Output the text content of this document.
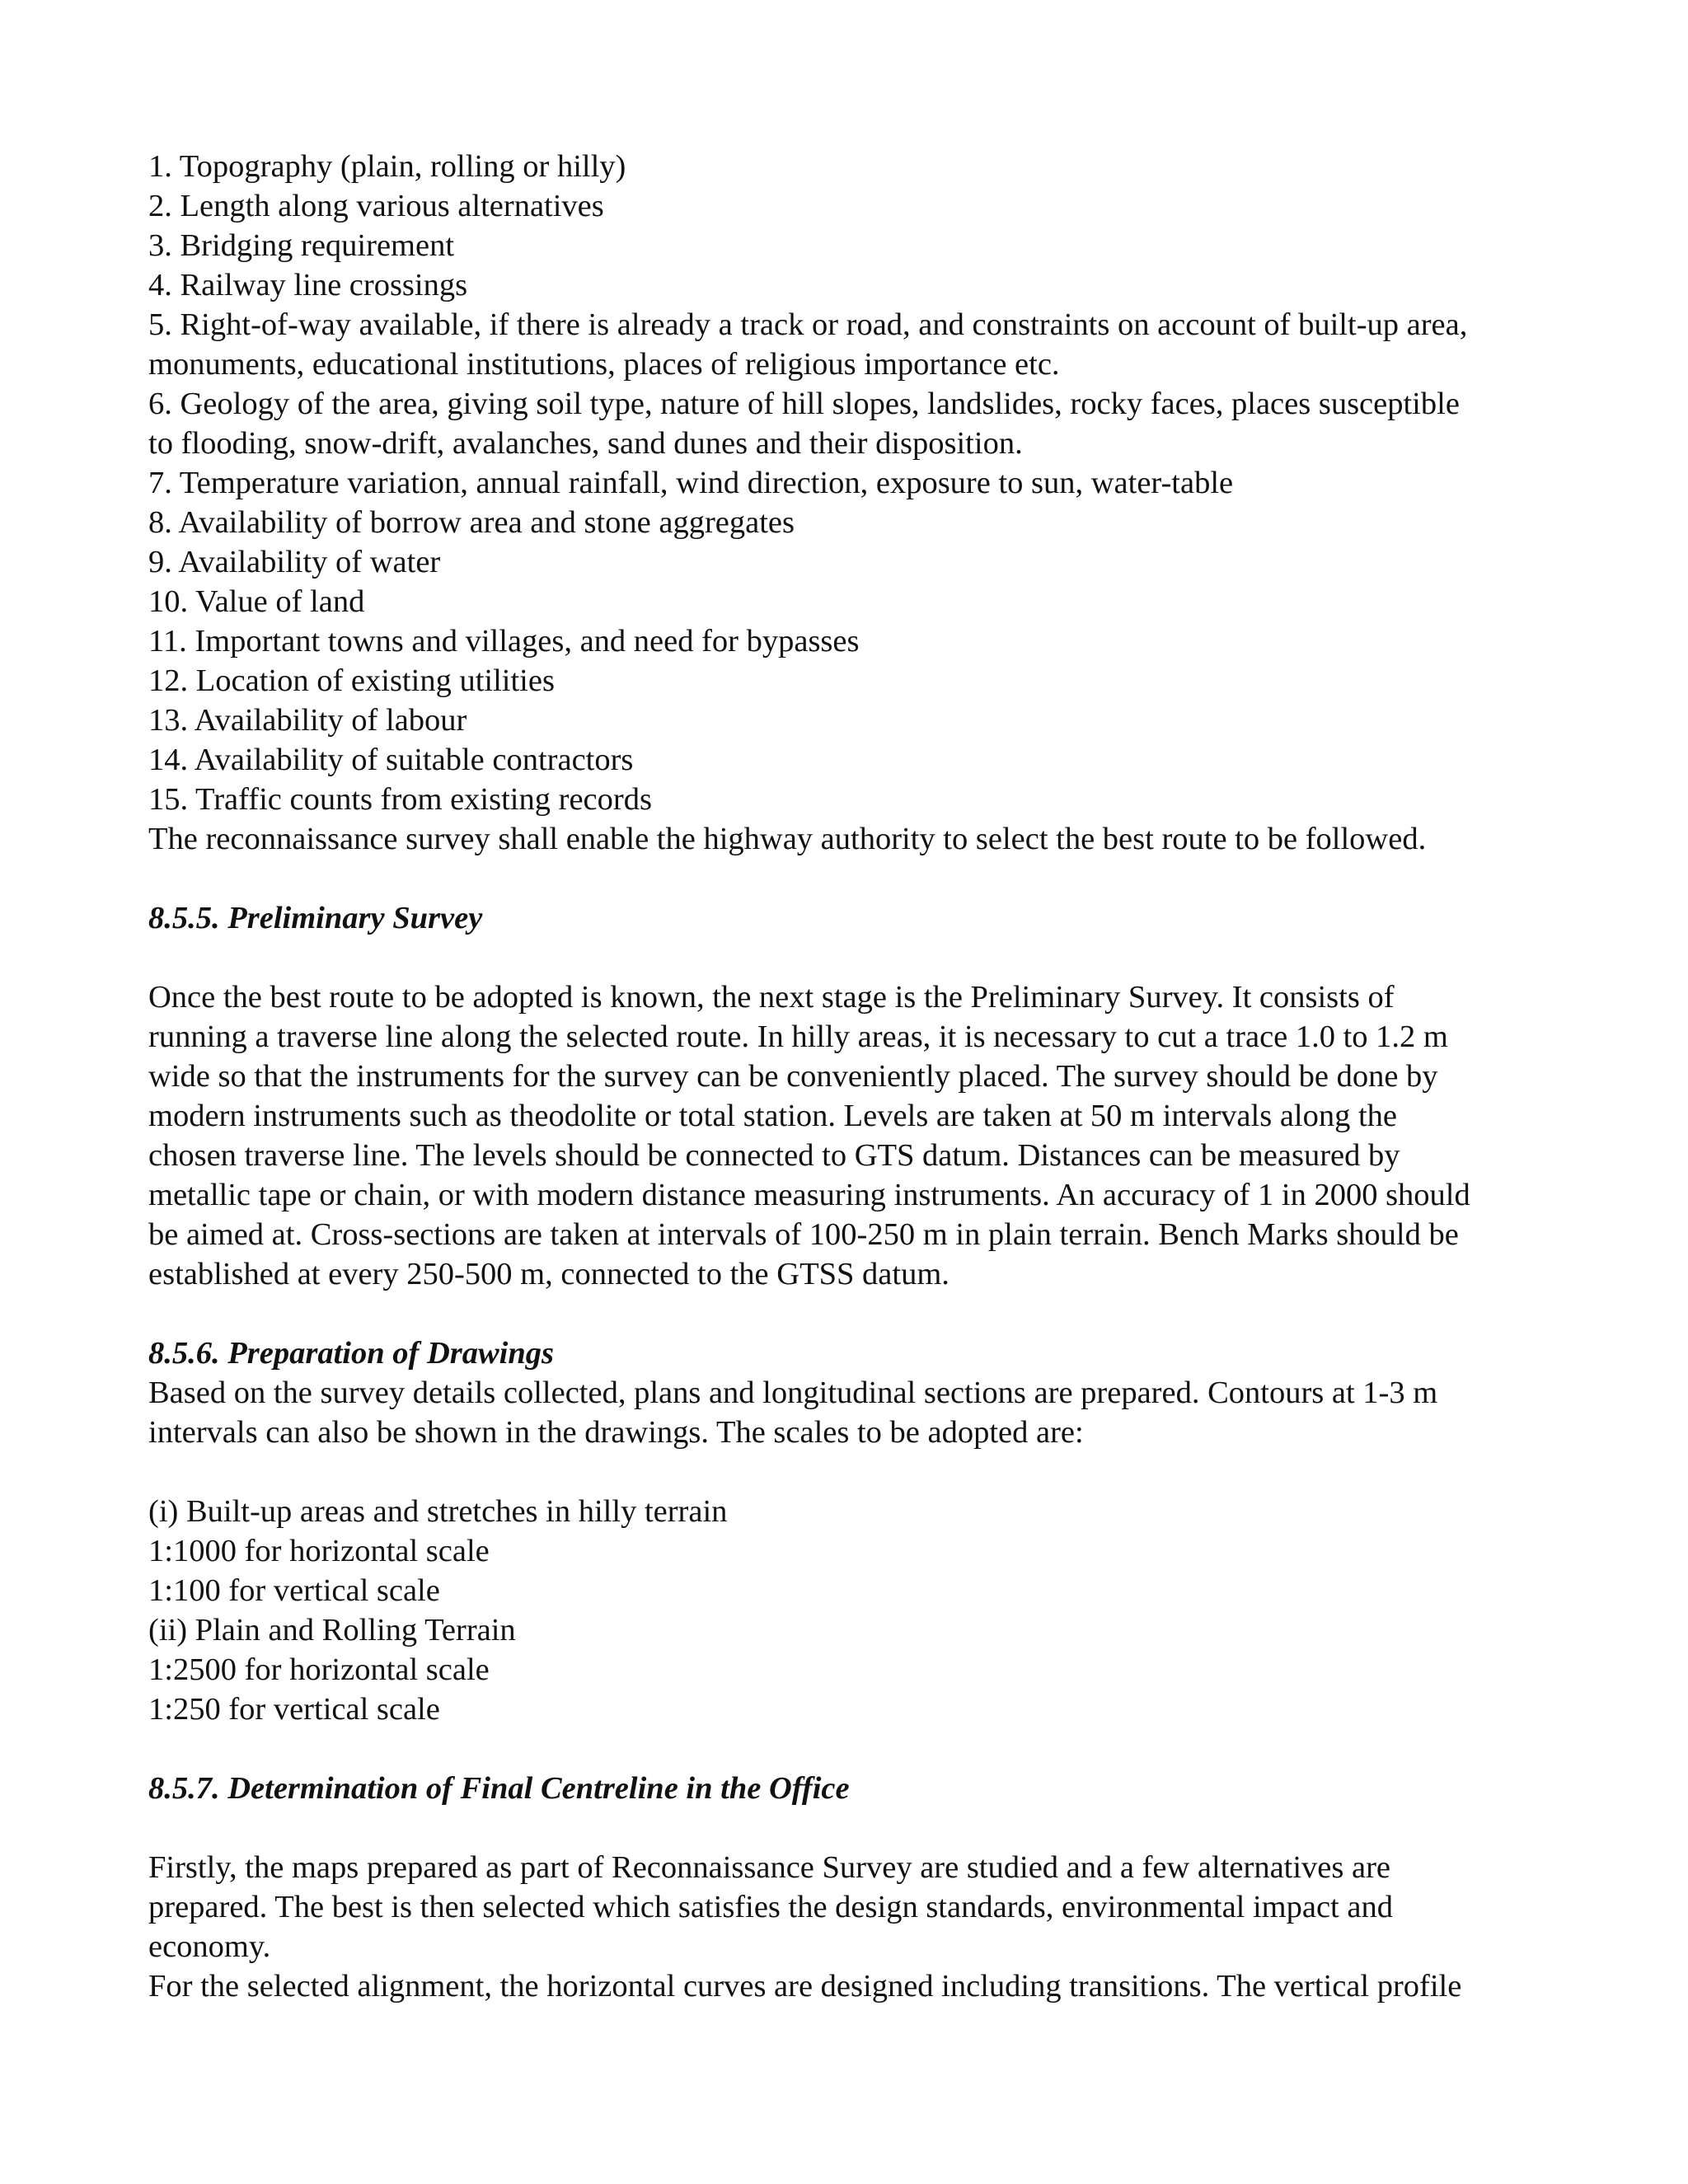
1. Topography (plain, rolling or hilly)
2. Length along various alternatives
3. Bridging requirement
4. Railway line crossings
5. Right-of-way available, if there is already a track or road, and constraints on account of built-up area,
monuments, educational institutions, places of religious importance etc.
6. Geology of the area, giving soil type, nature of hill slopes, landslides, rocky faces, places susceptible
to flooding, snow-drift, avalanches, sand dunes and their disposition.
7. Temperature variation, annual rainfall, wind direction, exposure to sun, water-table
8. Availability of borrow area and stone aggregates
9. Availability of water
10. Value of land
11. Important towns and villages, and need for bypasses
12. Location of existing utilities
13. Availability of labour
14. Availability of suitable contractors
15. Traffic counts from existing records
The reconnaissance survey shall enable the highway authority to select the best route to be followed.
8.5.5. Preliminary Survey
Once the best route to be adopted is known, the next stage is the Preliminary Survey. It consists of
running a traverse line along the selected route. In hilly areas, it is necessary to cut a trace 1.0 to 1.2 m
wide so that the instruments for the survey can be conveniently placed. The survey should be done by
modern instruments such as theodolite or total station. Levels are taken at 50 m intervals along the
chosen traverse line. The levels should be connected to GTS datum. Distances can be measured by
metallic tape or chain, or with modern distance measuring instruments. An accuracy of 1 in 2000 should
be aimed at. Cross-sections are taken at intervals of 100-250 m in plain terrain. Bench Marks should be
established at every 250-500 m, connected to the GTSS datum.
8.5.6. Preparation of Drawings
Based on the survey details collected, plans and longitudinal sections are prepared. Contours at 1-3 m
intervals can also be shown in the drawings. The scales to be adopted are:
(i) Built-up areas and stretches in hilly terrain
1:1000 for horizontal scale
1:100 for vertical scale
(ii) Plain and Rolling Terrain
1:2500 for horizontal scale
1:250 for vertical scale
8.5.7. Determination of Final Centreline in the Office
Firstly, the maps prepared as part of Reconnaissance Survey are studied and a few alternatives are
prepared. The best is then selected which satisfies the design standards, environmental impact and
economy.
For the selected alignment, the horizontal curves are designed including transitions. The vertical profile
